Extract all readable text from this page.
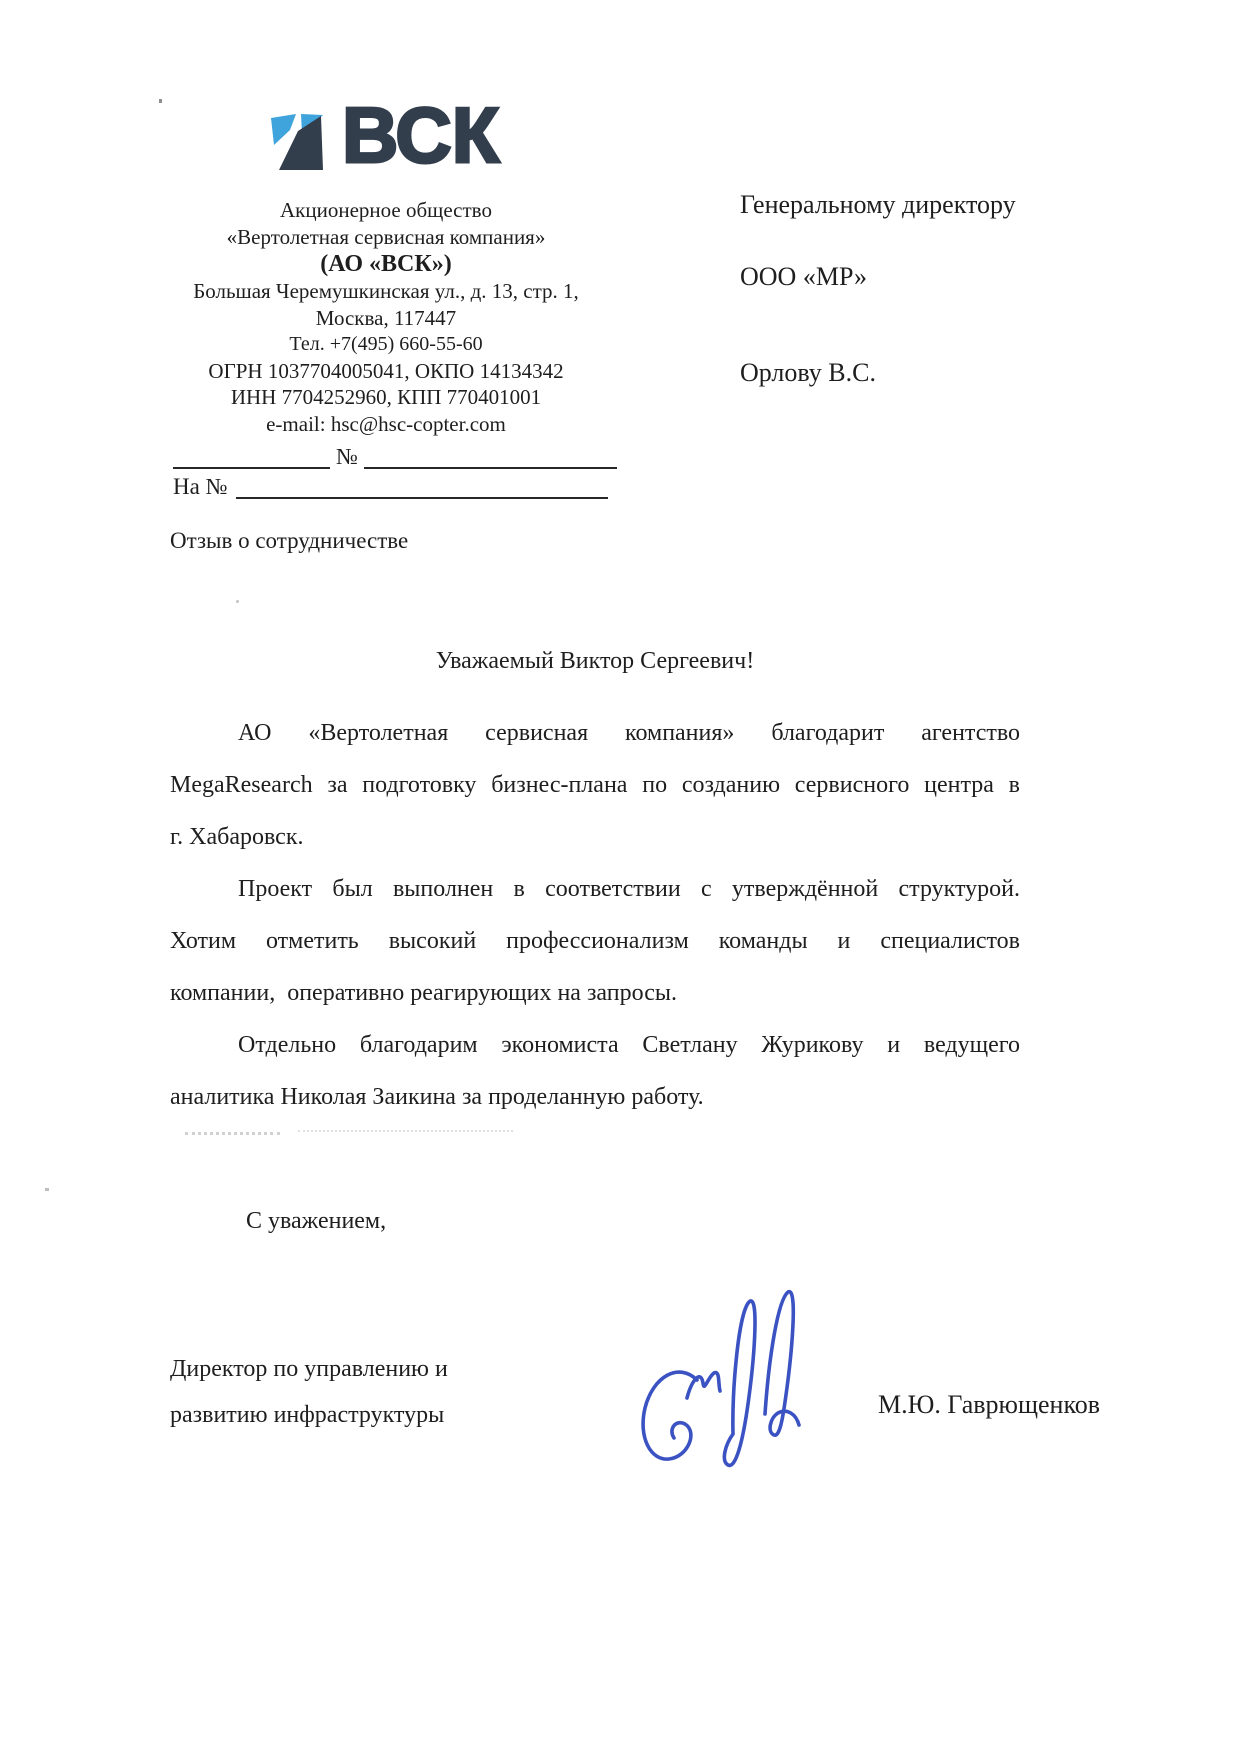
ВСК
Акционерное общество
«Вертолетная сервисная компания»
(АО «ВСК»)
Большая Черемушкинская ул., д. 13, стр. 1,
Москва, 117447
Тел. +7(495) 660-55-60
ОГРН 1037704005041, ОКПО 14134342
ИНН 7704252960, КПП 770401001
e-mail: hsc@hsc-copter.com
№
На №
Генеральному директору
ООО «МР»
Орлову В.С.
Отзыв о сотрудничестве
Уважаемый Виктор Сергеевич!
АО «Вертолетная сервисная компания» благодарит агентство
MegaResearch за подготовку бизнес-плана по созданию сервисного центра в
г. Хабаровск.
Проект был выполнен в соответствии с утверждённой структурой.
Хотим отметить высокий профессионализм команды и специалистов
компании,  оперативно реагирующих на запросы.
Отдельно благодарим экономиста Светлану Журикову и ведущего
аналитика Николая Заикина за проделанную работу.
С уважением,
Директор по управлению и
развитию инфраструктуры	М.Ю. Гаврющенков
